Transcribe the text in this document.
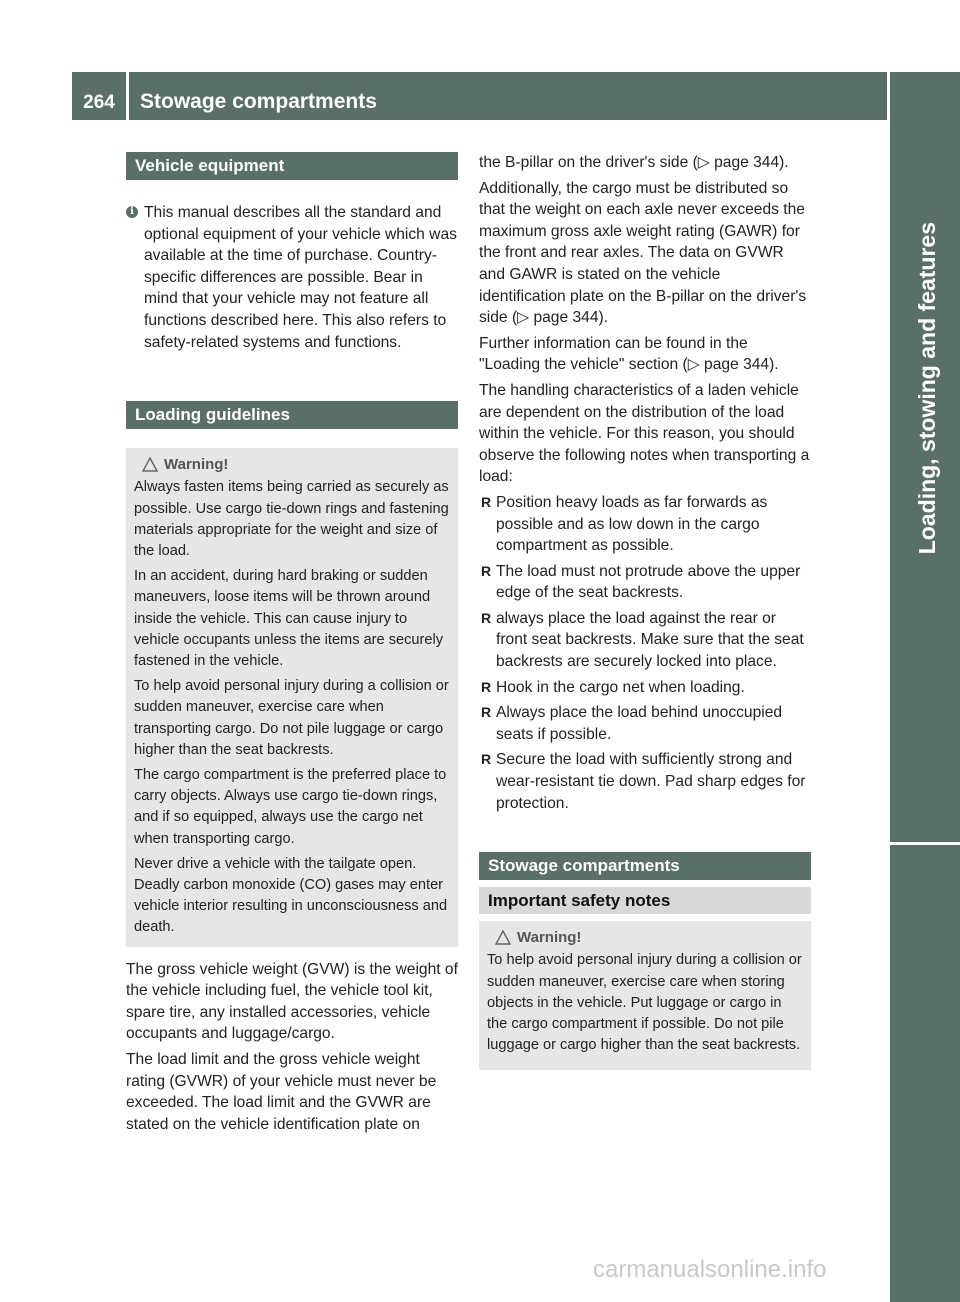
264	Stowage compartments
Loading, stowing and features
Vehicle equipment
i This manual describes all the standard and optional equipment of your vehicle which was available at the time of purchase. Country-specific differences are possible. Bear in mind that your vehicle may not feature all functions described here. This also refers to safety-related systems and functions.
Loading guidelines
Warning!

Always fasten items being carried as securely as possible. Use cargo tie-down rings and fastening materials appropriate for the weight and size of the load.

In an accident, during hard braking or sudden maneuvers, loose items will be thrown around inside the vehicle. This can cause injury to vehicle occupants unless the items are securely fastened in the vehicle.

To help avoid personal injury during a collision or sudden maneuver, exercise care when transporting cargo. Do not pile luggage or cargo higher than the seat backrests.

The cargo compartment is the preferred place to carry objects. Always use cargo tie-down rings, and if so equipped, always use the cargo net when transporting cargo.

Never drive a vehicle with the tailgate open. Deadly carbon monoxide (CO) gases may enter vehicle interior resulting in unconsciousness and death.

The gross vehicle weight (GVW) is the weight of the vehicle including fuel, the vehicle tool kit, spare tire, any installed accessories, vehicle occupants and luggage/cargo.

The load limit and the gross vehicle weight rating (GVWR) of your vehicle must never be exceeded. The load limit and the GVWR are stated on the vehicle identification plate on

the B-pillar on the driver's side (▷ page 344).

Additionally, the cargo must be distributed so that the weight on each axle never exceeds the maximum gross axle weight rating (GAWR) for the front and rear axles. The data on GVWR and GAWR is stated on the vehicle identification plate on the B-pillar on the driver's side (▷ page 344).

Further information can be found in the "Loading the vehicle" section (▷ page 344).

The handling characteristics of a laden vehicle are dependent on the distribution of the load within the vehicle. For this reason, you should observe the following notes when transporting a load:

R Position heavy loads as far forwards as possible and as low down in the cargo compartment as possible.
R The load must not protrude above the upper edge of the seat backrests.
R always place the load against the rear or front seat backrests. Make sure that the seat backrests are securely locked into place.
R Hook in the cargo net when loading.
R Always place the load behind unoccupied seats if possible.
R Secure the load with sufficiently strong and wear-resistant tie down. Pad sharp edges for protection.
Stowage compartments
Important safety notes
Warning!

To help avoid personal injury during a collision or sudden maneuver, exercise care when storing objects in the vehicle. Put luggage or cargo in the cargo compartment if possible. Do not pile luggage or cargo higher than the seat backrests.

carmanualsonline.info
